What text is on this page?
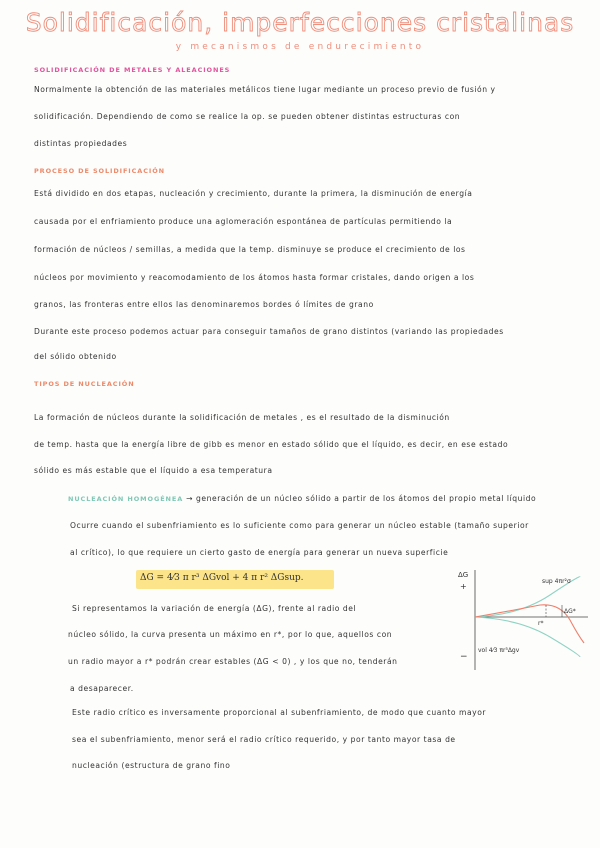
Solidificación, imperfecciones cristalinas
y mecanismos de endurecimiento
SOLIDIFICACIÓN DE METALES Y ALEACIONES
Normalmente la obtención de las materiales metálicos tiene lugar mediante un proceso previo de fusión y
solidificación. Dependiendo de como se realice la op. se pueden obtener distintas estructuras con
distintas propiedades
PROCESO DE SOLIDIFICACIÓN
Está dividido en dos etapas, nucleación y crecimiento, durante la primera, la disminución de energía
causada por el enfriamiento produce una aglomeración espontánea de partículas permitiendo la
formación de núcleos / semillas, a medida que la temp. disminuye se produce el crecimiento de los
núcleos por movimiento y reacomodamiento de los átomos hasta formar cristales, dando origen a los
granos, las fronteras entre ellos las denominaremos bordes ó límites de grano
Durante este proceso podemos actuar para conseguir tamaños de grano distintos (variando las propiedades
del sólido obtenido
TIPOS DE NUCLEACIÓN
La formación de núcleos durante la solidificación de metales , es el resultado de la disminución
de temp. hasta que la energía libre de gibb es menor en estado sólido que el líquido, es decir, en ese estado
sólido es más estable que el líquido a esa temperatura
NUCLEACIÓN HOMOGÉNEA → generación de un núcleo sólido a partir de los átomos del propio metal líquido
Ocurre cuando el subenfriamiento es lo suficiente como para generar un núcleo estable (tamaño superior
al crítico), lo que requiere un cierto gasto de energía para generar un nueva superficie
ΔG = 4⁄3 π r³ ΔGvol + 4 π r² ΔGsup.
Si representamos la variación de energía (ΔG), frente al radio del
núcleo sólido, la curva presenta un máximo en r*, por lo que, aquellos con
un radio mayor a r* podrán crear estables (ΔG < 0) , y los que no, tenderán
a desaparecer.
Este radio crítico es inversamente proporcional al subenfriamiento, de modo que cuanto mayor
sea el subenfriamiento, menor será el radio crítico requerido, y por tanto mayor tasa de
nucleación (estructura de grano fino
ΔG
+
−
sup 4πr²σ
vol 4⁄3 πr³Δgv
r*
ΔG*
